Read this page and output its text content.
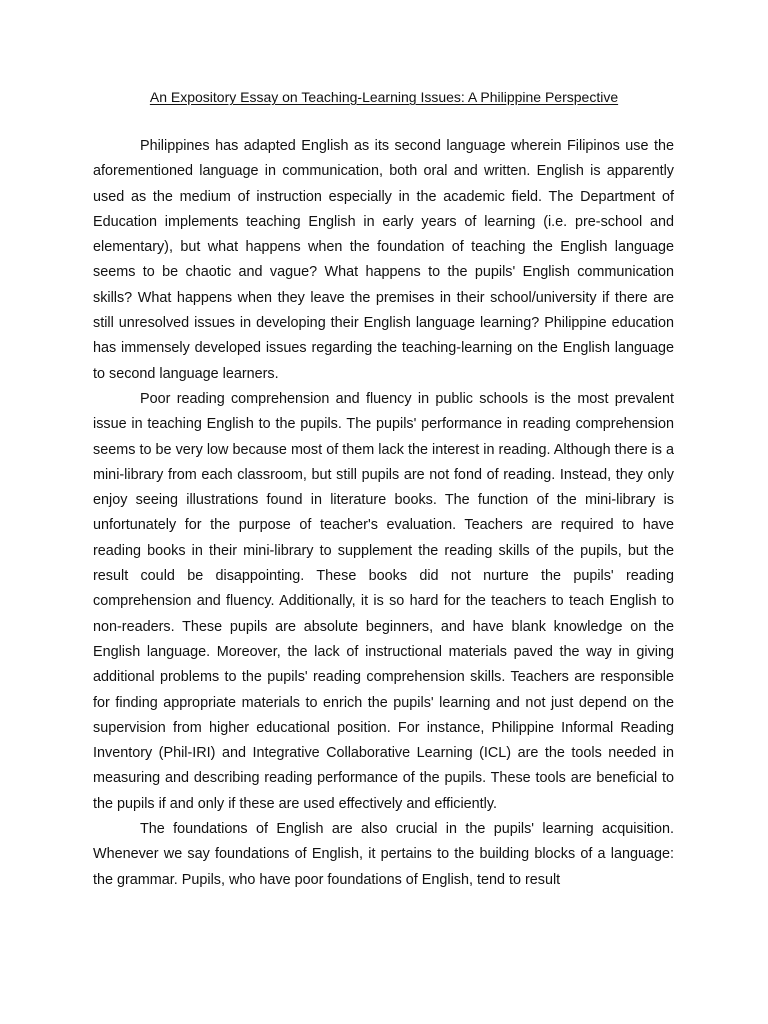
An Expository Essay on Teaching-Learning Issues: A Philippine Perspective

Philippines has adapted English as its second language wherein Filipinos use the aforementioned language in communication, both oral and written. English is apparently used as the medium of instruction especially in the academic field. The Department of Education implements teaching English in early years of learning (i.e. pre-school and elementary), but what happens when the foundation of teaching the English language seems to be chaotic and vague? What happens to the pupils' English communication skills? What happens when they leave the premises in their school/university if there are still unresolved issues in developing their English language learning? Philippine education has immensely developed issues regarding the teaching-learning on the English language to second language learners.

Poor reading comprehension and fluency in public schools is the most prevalent issue in teaching English to the pupils. The pupils' performance in reading comprehension seems to be very low because most of them lack the interest in reading. Although there is a mini-library from each classroom, but still pupils are not fond of reading. Instead, they only enjoy seeing illustrations found in literature books. The function of the mini-library is unfortunately for the purpose of teacher's evaluation. Teachers are required to have reading books in their mini-library to supplement the reading skills of the pupils, but the result could be disappointing. These books did not nurture the pupils' reading comprehension and fluency. Additionally, it is so hard for the teachers to teach English to non-readers. These pupils are absolute beginners, and have blank knowledge on the English language. Moreover, the lack of instructional materials paved the way in giving additional problems to the pupils' reading comprehension skills. Teachers are responsible for finding appropriate materials to enrich the pupils' learning and not just depend on the supervision from higher educational position. For instance, Philippine Informal Reading Inventory (Phil-IRI) and Integrative Collaborative Learning (ICL) are the tools needed in measuring and describing reading performance of the pupils. These tools are beneficial to the pupils if and only if these are used effectively and efficiently.

The foundations of English are also crucial in the pupils' learning acquisition. Whenever we say foundations of English, it pertains to the building blocks of a language: the grammar. Pupils, who have poor foundations of English, tend to result
